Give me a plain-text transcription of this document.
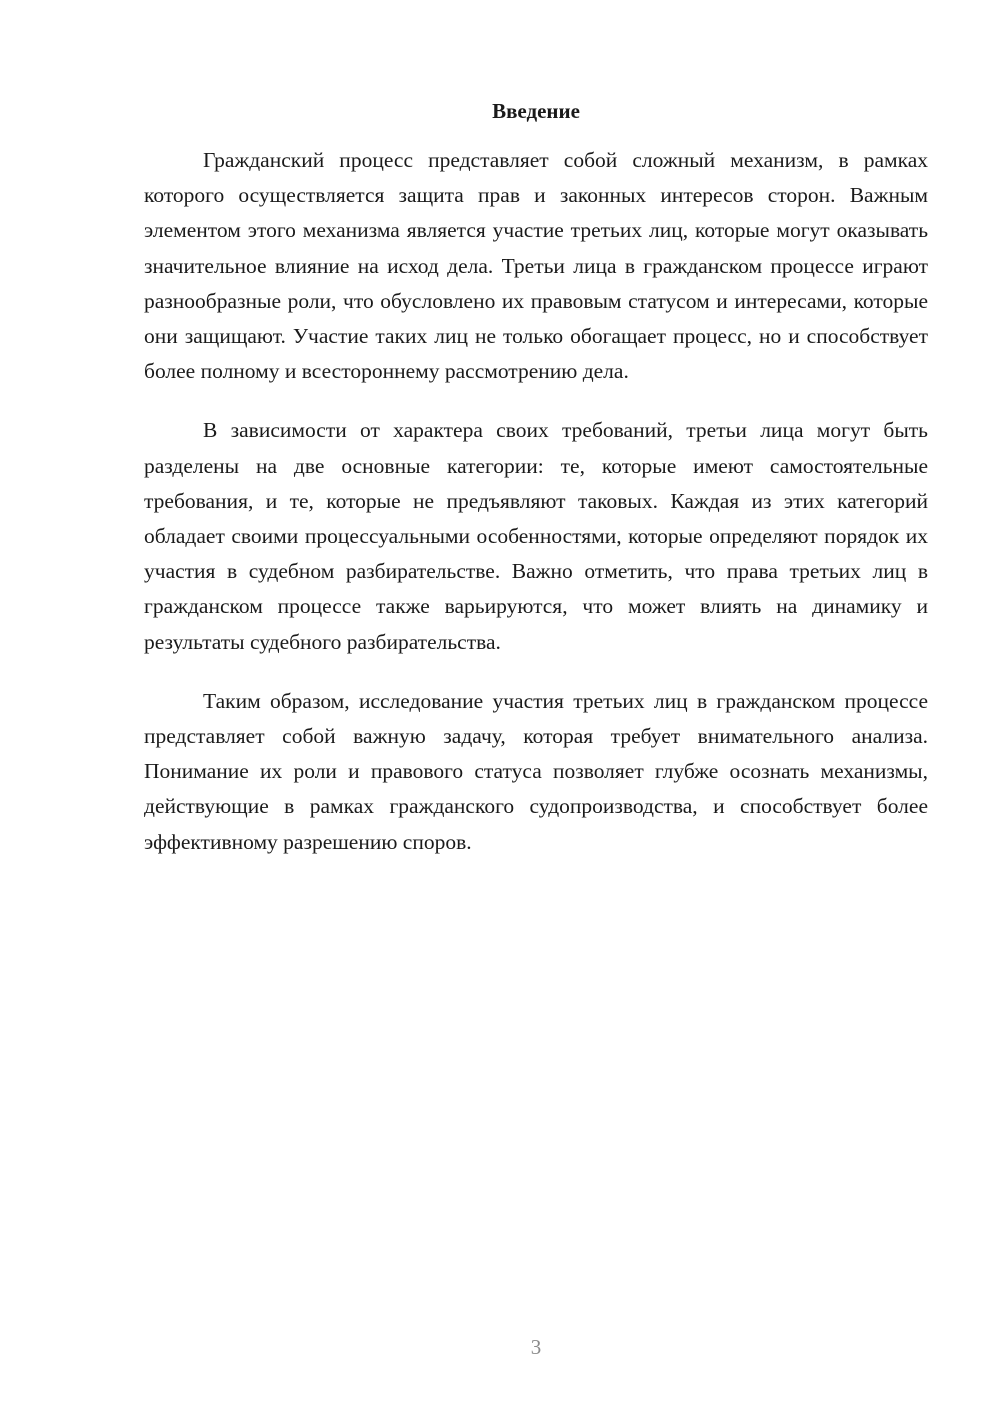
Введение

Гражданский процесс представляет собой сложный механизм, в рамках которого осуществляется защита прав и законных интересов сторон. Важным элементом этого механизма является участие третьих лиц, которые могут оказывать значительное влияние на исход дела. Третьи лица в гражданском процессе играют разнообразные роли, что обусловлено их правовым статусом и интересами, которые они защищают. Участие таких лиц не только обогащает процесс, но и способствует более полному и всестороннему рассмотрению дела.

В зависимости от характера своих требований, третьи лица могут быть разделены на две основные категории: те, которые имеют самостоятельные требования, и те, которые не предъявляют таковых. Каждая из этих категорий обладает своими процессуальными особенностями, которые определяют порядок их участия в судебном разбирательстве. Важно отметить, что права третьих лиц в гражданском процессе также варьируются, что может влиять на динамику и результаты судебного разбирательства.

Таким образом, исследование участия третьих лиц в гражданском процессе представляет собой важную задачу, которая требует внимательного анализа. Понимание их роли и правового статуса позволяет глубже осознать механизмы, действующие в рамках гражданского судопроизводства, и способствует более эффективному разрешению споров.

3
